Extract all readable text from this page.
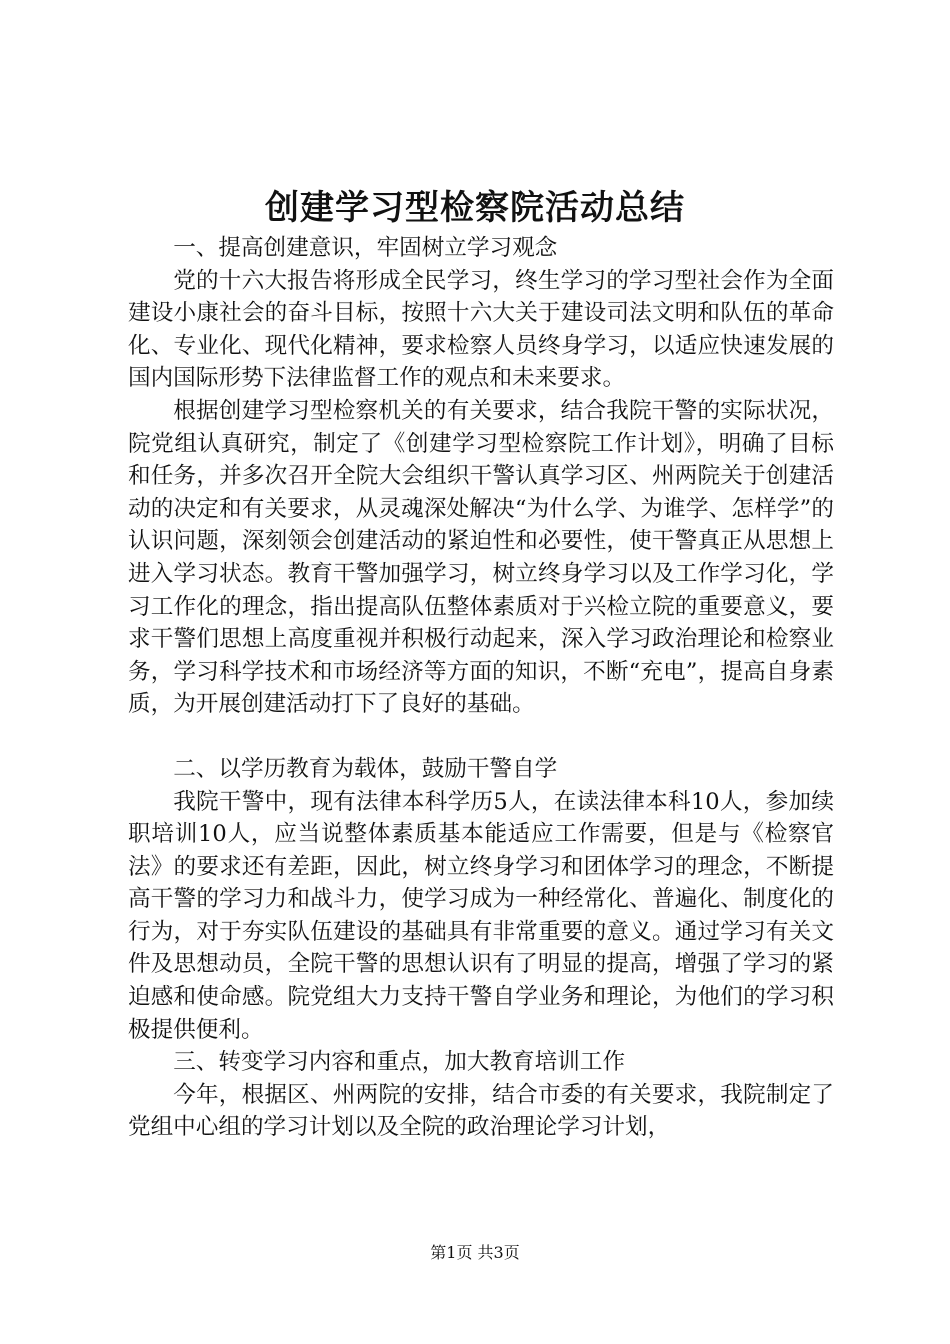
创建学习型检察院活动总结

一、提高创建意识，牢固树立学习观念

党的十六大报告将形成全民学习，终生学习的学习型社会作为全面建设小康社会的奋斗目标，按照十六大关于建设司法文明和队伍的革命化、专业化、现代化精神，要求检察人员终身学习，以适应快速发展的国内国际形势下法律监督工作的观点和未来要求。

根据创建学习型检察机关的有关要求，结合我院干警的实际状况，院党组认真研究，制定了《创建学习型检察院工作计划》，明确了目标和任务，并多次召开全院大会组织干警认真学习区、州两院关于创建活动的决定和有关要求，从灵魂深处解决“为什么学、为谁学、怎样学”的认识问题，深刻领会创建活动的紧迫性和必要性，使干警真正从思想上进入学习状态。教育干警加强学习，树立终身学习以及工作学习化，学习工作化的理念，指出提高队伍整体素质对于兴检立院的重要意义，要求干警们思想上高度重视并积极行动起来，深入学习政治理论和检察业务，学习科学技术和市场经济等方面的知识，不断“充电”，提高自身素质，为开展创建活动打下了良好的基础。

二、以学历教育为载体，鼓励干警自学

我院干警中，现有法律本科学历5人，在读法律本科10人，参加续职培训10人，应当说整体素质基本能适应工作需要，但是与《检察官法》的要求还有差距，因此，树立终身学习和团体学习的理念，不断提高干警的学习力和战斗力，使学习成为一种经常化、普遍化、制度化的行为，对于夯实队伍建设的基础具有非常重要的意义。通过学习有关文件及思想动员，全院干警的思想认识有了明显的提高，增强了学习的紧迫感和使命感。院党组大力支持干警自学业务和理论，为他们的学习积极提供便利。

三、转变学习内容和重点，加大教育培训工作

今年，根据区、州两院的安排，结合市委的有关要求，我院制定了党组中心组的学习计划以及全院的政治理论学习计划，

第1页 共3页
